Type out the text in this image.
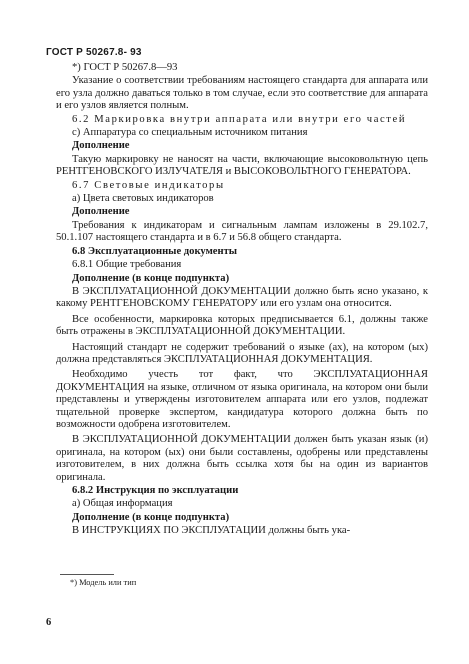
ГОСТ Р 50267.8- 93

*) ГОСТ Р 50267.8—93

Указание о соответствии требованиям настоящего стандарта для аппарата или его узла должно даваться только в том случае, если это соответствие для аппарата и его узлов является полным.

6.2 Маркировка внутри аппарата или внутри его частей

с) Аппаратура со специальным источником питания

Дополнение

Такую маркировку не наносят на части, включающие высоковольтную цепь РЕНТГЕНОВСКОГО ИЗЛУЧАТЕЛЯ и ВЫСОКОВОЛЬТНОГО ГЕНЕРАТОРА.

6.7 Световые индикаторы

а) Цвета световых индикаторов

Дополнение

Требования к индикаторам и сигнальным лампам изложены в 29.102.7, 50.1.107 настоящего стандарта и в 6.7 и 56.8 общего стандарта.

6.8 Эксплуатационные документы

6.8.1 Общие требования

Дополнение (в конце подпункта)

В ЭКСПЛУАТАЦИОННОЙ ДОКУМЕНТАЦИИ должно быть ясно указано, к какому РЕНТГЕНОВСКОМУ ГЕНЕРАТОРУ или его узлам она относится.

Все особенности, маркировка которых предписывается 6.1, должны также быть отражены в ЭКСПЛУАТАЦИОННОЙ ДОКУМЕНТАЦИИ.

Настоящий стандарт не содержит требований о языке (ах), на котором (ых) должна представляться ЭКСПЛУАТАЦИОННАЯ ДОКУМЕНТАЦИЯ.

Необходимо учесть тот факт, что ЭКСПЛУАТАЦИОННАЯ ДОКУМЕНТАЦИЯ на языке, отличном от языка оригинала, на котором они были представлены и утверждены изготовителем аппарата или его узлов, подлежат тщательной проверке экспертом, кандидатура которого должна быть по возможности одобрена изготовителем.

В ЭКСПЛУАТАЦИОННОЙ ДОКУМЕНТАЦИИ должен быть указан язык (и) оригинала, на котором (ых) они были составлены, одобрены или представлены изготовителем, в них должна быть ссылка хотя бы на один из вариантов оригинала.

6.8.2 Инструкция по эксплуатации

а) Общая информация

Дополнение (в конце подпункта)

В ИНСТРУКЦИЯХ ПО ЭКСПЛУАТАЦИИ должны быть ука-

*) Модель или тип
6
